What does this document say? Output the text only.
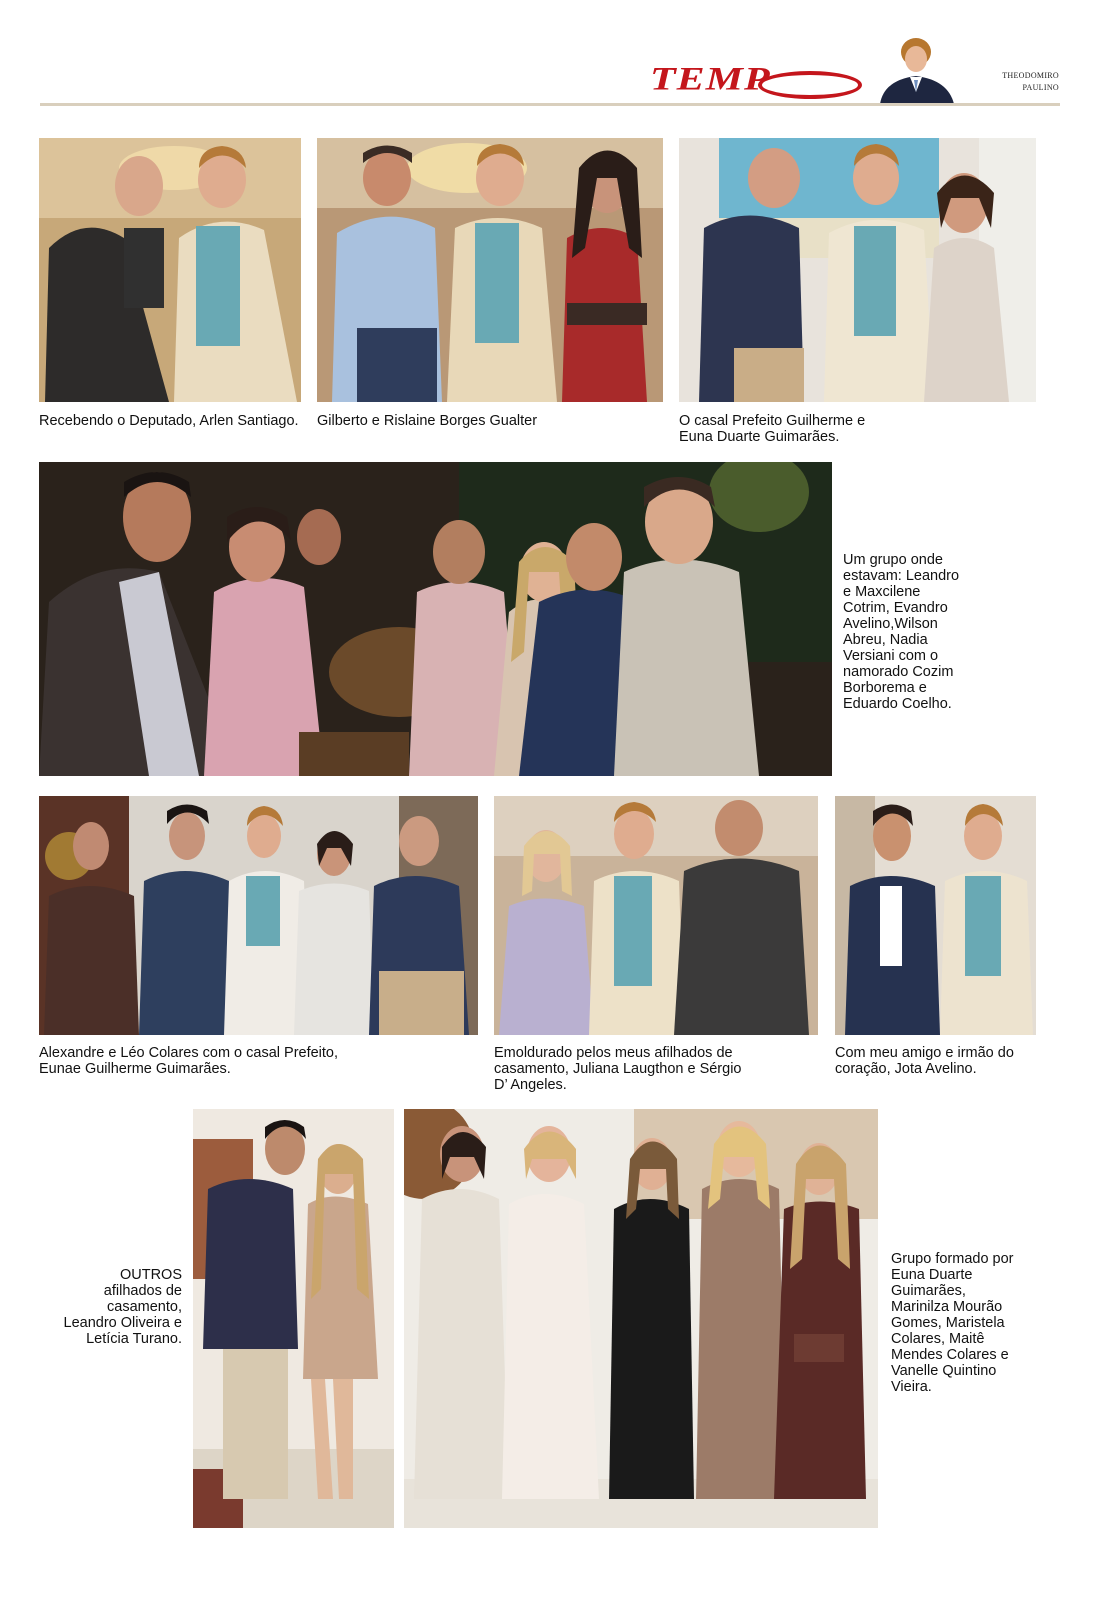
TEMP	THEODOMIRO
PAULINO
Recebendo o Deputado, Arlen Santiago. Gilberto e Rislaine Borges Gualter	O casal Prefeito Guilherme e Euna Duarte Guimarães.
Um grupo onde estavam: Leandro e Maxcilene Cotrim, Evandro Avelino,Wilson Abreu, Nadia Versiani com o namorado Cozim Borborema e Eduardo Coelho.
Alexandre e Léo Colares com o casal Prefeito, Eunae Guilherme Guimarães.
Emoldurado pelos meus afilhados de casamento, Juliana Laugthon e Sérgio D’ Angeles.
Com meu amigo e irmão do coração, Jota Avelino.
OUTROS afilhados de casamento, Leandro Oliveira e Letícia Turano.
Grupo formado por Euna Duarte Guimarães, Marinilza Mourão Gomes, Maristela Colares, Maitê Mendes Colares e Vanelle Quintino Vieira.
